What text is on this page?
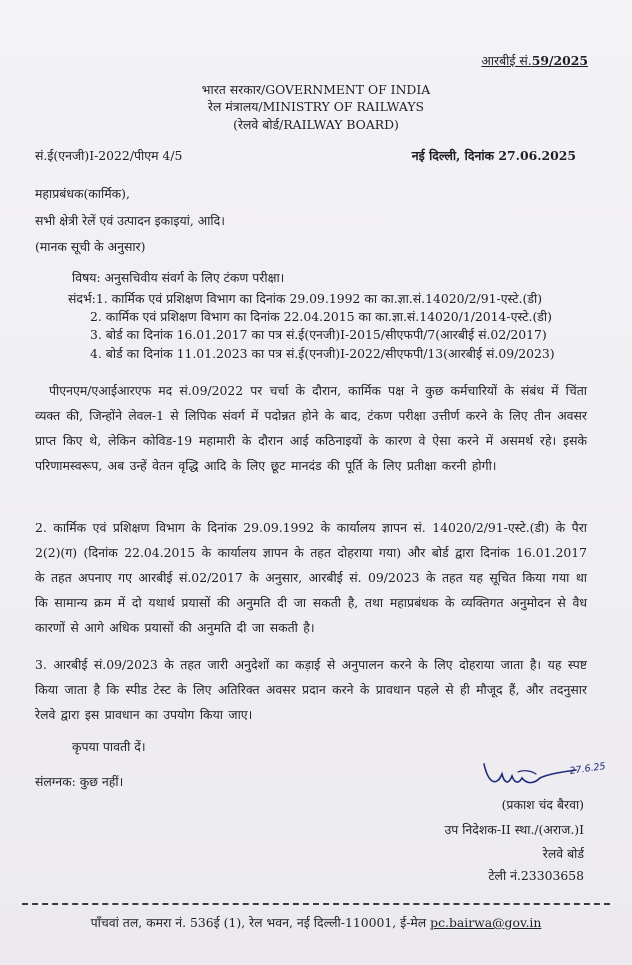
आरबीई सं.59/2025
भारत सरकार/GOVERNMENT OF INDIA
रेल मंत्रालय/MINISTRY OF RAILWAYS
(रेलवे बोर्ड/RAILWAY BOARD)
सं.ई(एनजी)I-2022/पीएम 4/5	नई दिल्ली, दिनांक 27.06.2025
महाप्रबंधक(कार्मिक),
सभी क्षेत्री रेलें एवं उत्पादन इकाइयां, आदि।
(मानक सूची के अनुसार)
विषय: अनुसचिवीय संवर्ग के लिए टंकण परीक्षा।
संदर्भ:1. कार्मिक एवं प्रशिक्षण विभाग का दिनांक 29.09.1992 का का.ज्ञा.सं.14020/2/91-एस्टे.(डी)
2. कार्मिक एवं प्रशिक्षण विभाग का दिनांक 22.04.2015 का का.ज्ञा.सं.14020/1/2014-एस्टे.(डी)
3. बोर्ड का दिनांक 16.01.2017 का पत्र सं.ई(एनजी)I-2015/सीएफपी/7(आरबीई सं.02/2017)
4. बोर्ड का दिनांक 11.01.2023 का पत्र सं.ई(एनजी)I-2022/सीएफपी/13(आरबीई सं.09/2023)
पीएनएम/एआईआरएफ मद सं.09/2022 पर चर्चा के दौरान, कार्मिक पक्ष ने कुछ कर्मचारियों के संबंध में चिंता व्यक्त की, जिन्होंने लेवल-1 से लिपिक संवर्ग में पदोन्नत होने के बाद, टंकण परीक्षा उत्तीर्ण करने के लिए तीन अवसर प्राप्त किए थे, लेकिन कोविड-19 महामारी के दौरान आई कठिनाइयों के कारण वे ऐसा करने में असमर्थ रहे। इसके परिणामस्वरूप, अब उन्हें वेतन वृद्धि आदि के लिए छूट मानदंड की पूर्ति के लिए प्रतीक्षा करनी होगी।
2. कार्मिक एवं प्रशिक्षण विभाग के दिनांक 29.09.1992 के कार्यालय ज्ञापन सं. 14020/2/91-एस्टे.(डी) के पैरा 2(2)(ग) (दिनांक 22.04.2015 के कार्यालय ज्ञापन के तहत दोहराया गया) और बोर्ड द्वारा दिनांक 16.01.2017 के तहत अपनाए गए आरबीई सं.02/2017 के अनुसार, आरबीई सं. 09/2023 के तहत यह सूचित किया गया था कि सामान्य क्रम में दो यथार्थ प्रयासों की अनुमति दी जा सकती है, तथा महाप्रबंधक के व्यक्तिगत अनुमोदन से वैध कारणों से आगे अधिक प्रयासों की अनुमति दी जा सकती है।
3. आरबीई सं.09/2023 के तहत जारी अनुदेशों का कड़ाई से अनुपालन करने के लिए दोहराया जाता है। यह स्पष्ट किया जाता है कि स्पीड टेस्ट के लिए अतिरिक्त अवसर प्रदान करने के प्रावधान पहले से ही मौजूद हैं, और तदनुसार रेलवे द्वारा इस प्रावधान का उपयोग किया जाए।
कृपया पावती दें।
संलग्नक: कुछ नहीं।
27.6.25
(प्रकाश चंद बैरवा)
उप निदेशक-II स्था./(अराज.)I
रेलवे बोर्ड
टेली नं.23303658
पाँचवां तल, कमरा नं. 536ई (1), रेल भवन, नई दिल्ली-110001, ई-मेल pc.bairwa@gov.in
